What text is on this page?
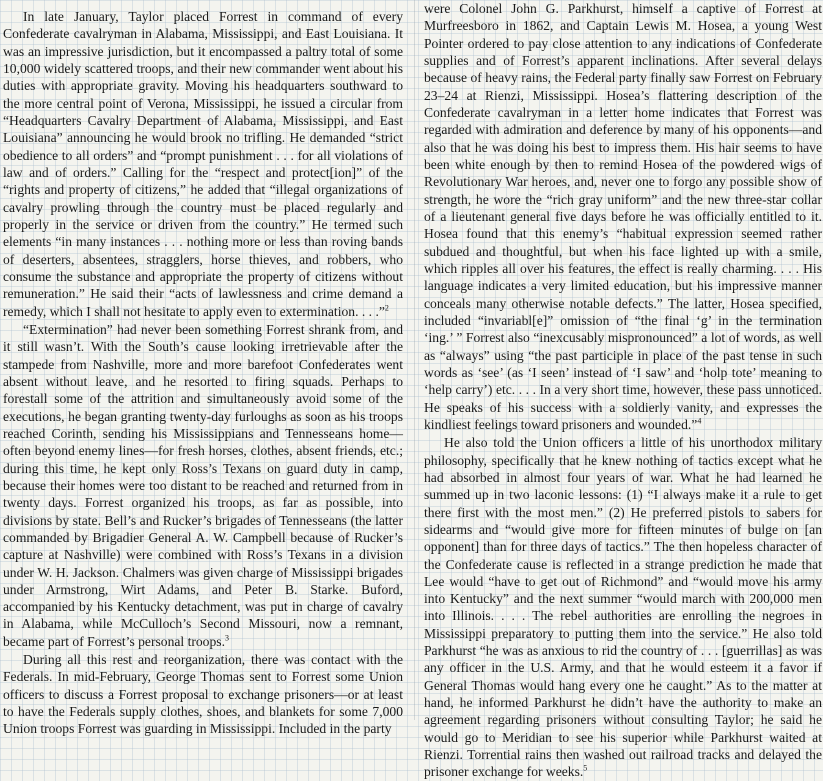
In late January, Taylor placed Forrest in command of every Confederate cavalryman in Alabama, Mississippi, and East Louisiana. It was an impressive jurisdiction, but it encompassed a paltry total of some 10,000 widely scattered troops, and their new commander went about his duties with appropriate gravity. Moving his headquarters southward to the more central point of Verona, Mississippi, he issued a circular from “Headquarters Cavalry Department of Alabama, Mississippi, and East Louisiana” announcing he would brook no trifling. He demanded “strict obedience to all orders” and “prompt punishment . . . for all violations of law and of orders.” Calling for the “respect and protect[ion]” of the “rights and property of citizens,” he added that “illegal organizations of cavalry prowling through the country must be placed regularly and properly in the service or driven from the country.” He termed such elements “in many instances . . . nothing more or less than roving bands of deserters, absentees, stragglers, horse thieves, and robbers, who consume the substance and appropriate the property of citizens without remuneration.” He said their “acts of lawlessness and crime demand a remedy, which I shall not hesitate to apply even to extermination. . . .”$^2$

“Extermination” had never been something Forrest shrank from, and it still wasn’t. With the South’s cause looking irretrievable after the stampede from Nashville, more and more barefoot Confederates went absent without leave, and he resorted to firing squads. Perhaps to forestall some of the attrition and simultaneously avoid some of the executions, he began granting twenty-day furloughs as soon as his troops reached Corinth, sending his Mississippians and Tennesseans home—often beyond enemy lines—for fresh horses, clothes, absent friends, etc.; during this time, he kept only Ross’s Texans on guard duty in camp, because their homes were too distant to be reached and returned from in twenty days. Forrest organized his troops, as far as possible, into divisions by state. Bell’s and Rucker’s brigades of Tennesseans (the latter commanded by Brigadier General A. W. Campbell because of Rucker’s capture at Nashville) were combined with Ross’s Texans in a division under W. H. Jackson. Chalmers was given charge of Mississippi brigades under Armstrong, Wirt Adams, and Peter B. Starke. Buford, accompanied by his Kentucky detachment, was put in charge of cavalry in Alabama, while McCulloch’s Second Missouri, now a remnant, became part of Forrest’s personal troops.$^3$

During all this rest and reorganization, there was contact with the Federals. In mid-February, George Thomas sent to Forrest some Union officers to discuss a Forrest proposal to exchange prisoners—or at least to have the Federals supply clothes, shoes, and blankets for some 7,000 Union troops Forrest was guarding in Mississippi. Included in the party

were Colonel John G. Parkhurst, himself a captive of Forrest at Murfreesboro in 1862, and Captain Lewis M. Hosea, a young West Pointer ordered to pay close attention to any indications of Confederate supplies and of Forrest’s apparent inclinations. After several delays because of heavy rains, the Federal party finally saw Forrest on February 23–24 at Rienzi, Mississippi. Hosea’s flattering description of the Confederate cavalryman in a letter home indicates that Forrest was regarded with admiration and deference by many of his opponents—and also that he was doing his best to impress them. His hair seems to have been white enough by then to remind Hosea of the powdered wigs of Revolutionary War heroes, and, never one to forgo any possible show of strength, he wore the “rich gray uniform” and the new three-star collar of a lieutenant general five days before he was officially entitled to it. Hosea found that this enemy’s “habitual expression seemed rather subdued and thoughtful, but when his face lighted up with a smile, which ripples all over his features, the effect is really charming. . . . His language indicates a very limited education, but his impressive manner conceals many otherwise notable defects.” The latter, Hosea specified, included “invariabl[e]” omission of “the final ‘g’ in the termination ‘ing.’ ” Forrest also “inexcusably mispronounced” a lot of words, as well as “always” using “the past participle in place of the past tense in such words as ‘see’ (as ‘I seen’ instead of ‘I saw’ and ‘holp tote’ meaning to ‘help carry’) etc. . . . In a very short time, however, these pass unnoticed. He speaks of his success with a soldierly vanity, and expresses the kindliest feelings toward prisoners and wounded.”$^4$

He also told the Union officers a little of his unorthodox military philosophy, specifically that he knew nothing of tactics except what he had absorbed in almost four years of war. What he had learned he summed up in two laconic lessons: (1) “I always make it a rule to get there first with the most men.” (2) He preferred pistols to sabers for sidearms and “would give more for fifteen minutes of bulge on [an opponent] than for three days of tactics.” The then hopeless character of the Confederate cause is reflected in a strange prediction he made that Lee would “have to get out of Richmond” and “would move his army into Kentucky” and the next summer “would march with 200,000 men into Illinois. . . . The rebel authorities are enrolling the negroes in Mississippi preparatory to putting them into the service.” He also told Parkhurst “he was as anxious to rid the country of . . . [guerrillas] as was any officer in the U.S. Army, and that he would esteem it a favor if General Thomas would hang every one he caught.” As to the matter at hand, he informed Parkhurst he didn’t have the authority to make an agreement regarding prisoners without consulting Taylor; he said he would go to Meridian to see his superior while Parkhurst waited at Rienzi. Torrential rains then washed out railroad tracks and delayed the prisoner exchange for weeks.$^5$
